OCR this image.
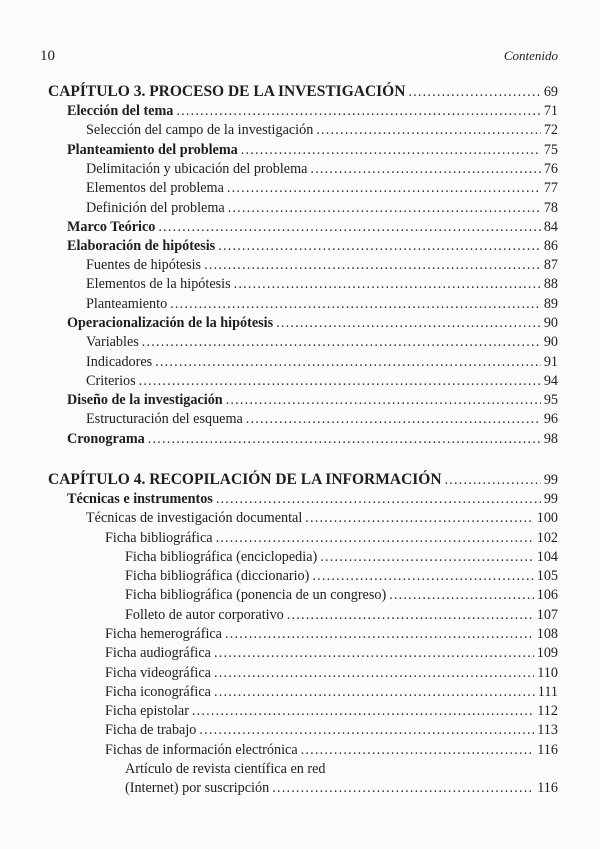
10	Contenido
CAPÍTULO 3. PROCESO DE LA INVESTIGACIÓN .....	69
Elección del tema .....	71
Selección del campo de la investigación .....	72
Planteamiento del problema .....	75
Delimitación y ubicación del problema .....	76
Elementos del problema .....	77
Definición del problema .....	78
Marco Teórico .....	84
Elaboración de hipótesis .....	86
Fuentes de hipótesis .....	87
Elementos de la hipótesis .....	88
Planteamiento .....	89
Operacionalización de la hipótesis .....	90
Variables .....	90
Indicadores .....	91
Criterios .....	94
Diseño de la investigación .....	95
Estructuración del esquema .....	96
Cronograma .....	98
CAPÍTULO 4. RECOPILACIÓN DE LA INFORMACIÓN .....	99
Técnicas e instrumentos .....	99
Técnicas de investigación documental .....	100
Ficha bibliográfica .....	102
Ficha bibliográfica (enciclopedia) .....	104
Ficha bibliográfica (diccionario) .....	105
Ficha bibliográfica (ponencia de un congreso) .....	106
Folleto de autor corporativo .....	107
Ficha hemerográfica .....	108
Ficha audiográfica .....	109
Ficha videográfica .....	110
Ficha iconográfica .....	111
Ficha epistolar .....	112
Ficha de trabajo .....	113
Fichas de información electrónica .....	116
Artículo de revista científica en red
(Internet) por suscripción .....	116
